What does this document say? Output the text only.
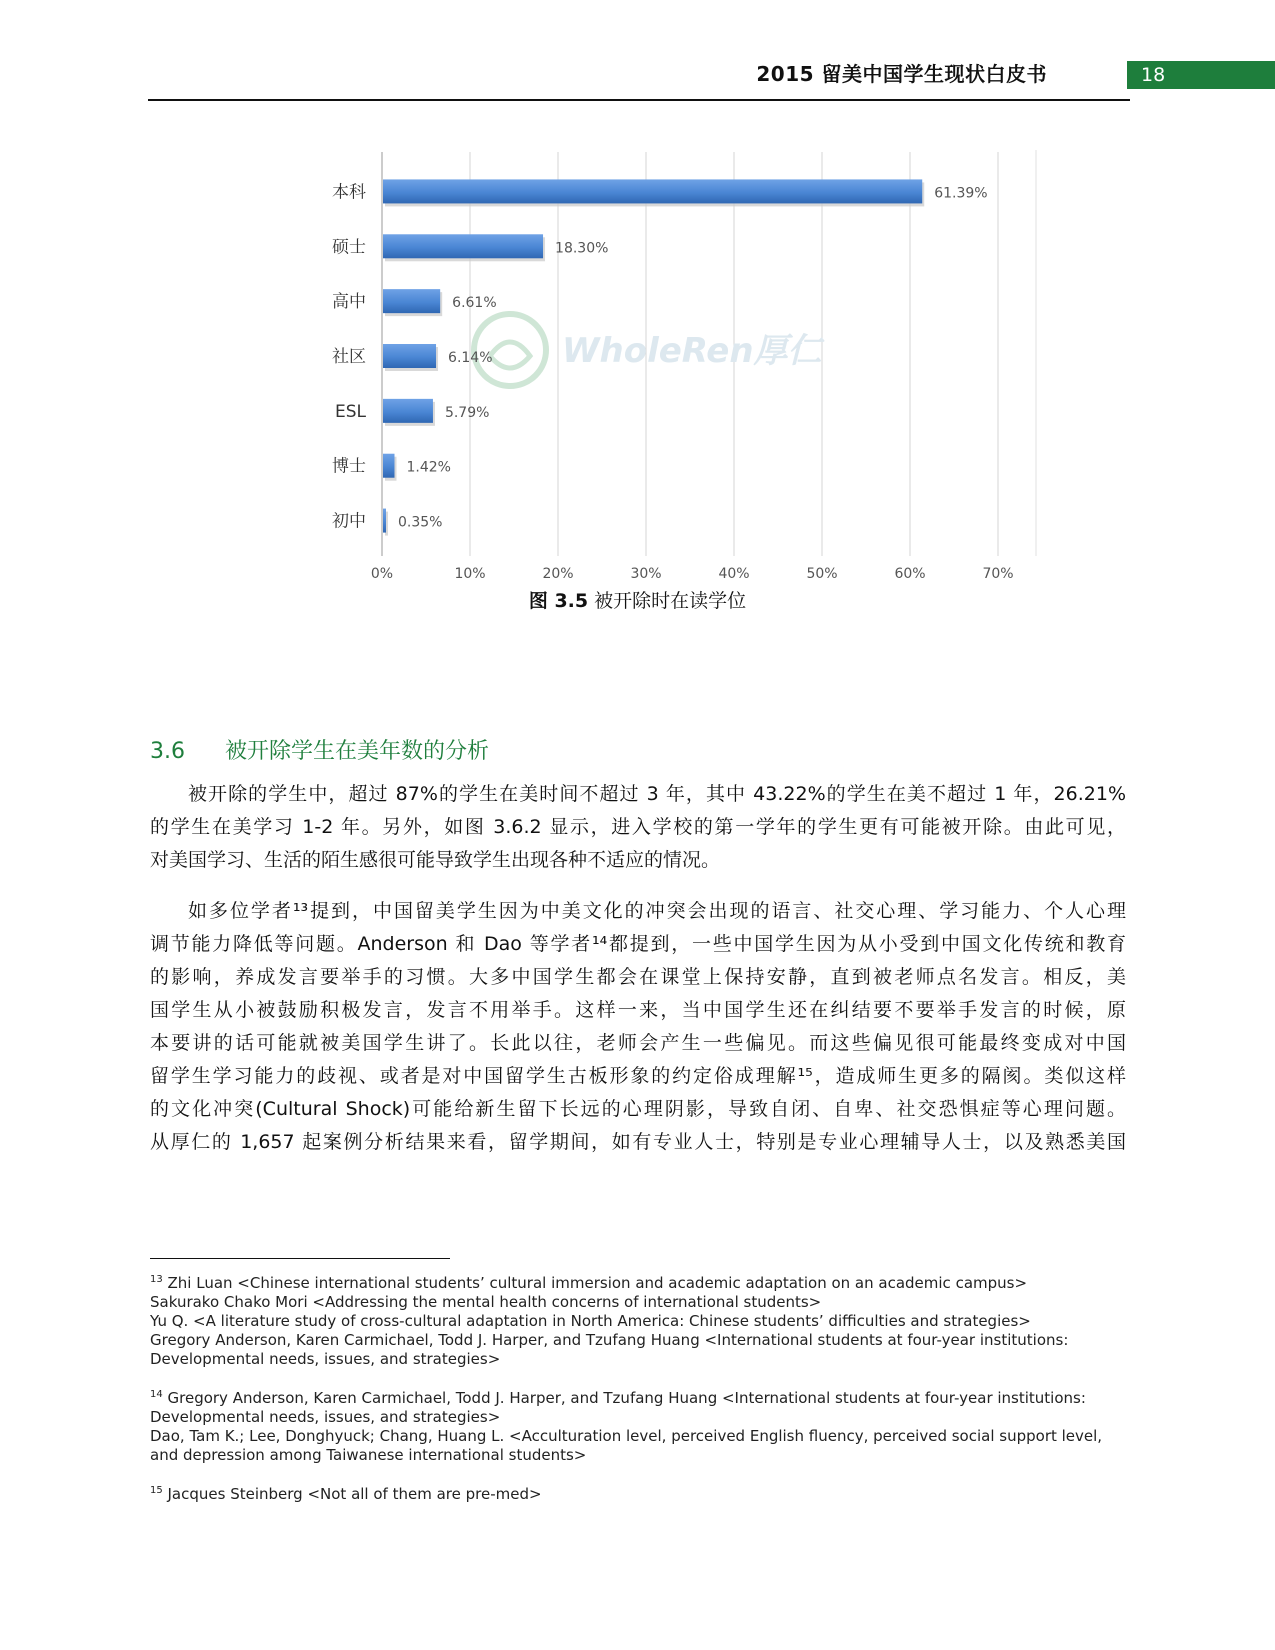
2015 留美中国学生现状白皮书	18
WholeRen厚仁
本科
硕士
高中
社区
ESL
博士
初中
61.39%
18.30%
6.61%
6.14%
5.79%
1.42%
0.35%
0%	10%	20%	30%	40%	50%	60%	70%
图 3.5 被开除时在读学位
3.6 被开除学生在美年数的分析
被开除的学生中，超过 87%的学生在美时间不超过 3 年，其中 43.22%的学生在美不超过 1 年，26.21%
的学生在美学习 1-2 年。另外，如图 3.6.2 显示，进入学校的第一学年的学生更有可能被开除。由此可见，
对美国学习、生活的陌生感很可能导致学生出现各种不适应的情况。
如多位学者¹³提到，中国留美学生因为中美文化的冲突会出现的语言、社交心理、学习能力、个人心理
调节能力降低等问题。Anderson 和 Dao 等学者¹⁴都提到，一些中国学生因为从小受到中国文化传统和教育
的影响，养成发言要举手的习惯。大多中国学生都会在课堂上保持安静，直到被老师点名发言。相反，美
国学生从小被鼓励积极发言，发言不用举手。这样一来，当中国学生还在纠结要不要举手发言的时候，原
本要讲的话可能就被美国学生讲了。长此以往，老师会产生一些偏见。而这些偏见很可能最终变成对中国
留学生学习能力的歧视、或者是对中国留学生古板形象的约定俗成理解¹⁵，造成师生更多的隔阂。类似这样
的文化冲突(Cultural Shock)可能给新生留下长远的心理阴影，导致自闭、自卑、社交恐惧症等心理问题。
从厚仁的 1,657 起案例分析结果来看，留学期间，如有专业人士，特别是专业心理辅导人士，以及熟悉美国
$^{13}$ Zhi Luan <Chinese international students’ cultural immersion and academic adaptation on an academic campus>
Sakurako Chako Mori <Addressing the mental health concerns of international students>
Yu Q. <A literature study of cross-cultural adaptation in North America: Chinese students’ difficulties and strategies>
Gregory Anderson, Karen Carmichael, Todd J. Harper, and Tzufang Huang <International students at four-year institutions:
Developmental needs, issues, and strategies>
$^{14}$ Gregory Anderson, Karen Carmichael, Todd J. Harper, and Tzufang Huang <International students at four-year institutions:
Developmental needs, issues, and strategies>
Dao, Tam K.; Lee, Donghyuck; Chang, Huang L. <Acculturation level, perceived English fluency, perceived social support level,
and depression among Taiwanese international students>
$^{15}$ Jacques Steinberg <Not all of them are pre-med>
